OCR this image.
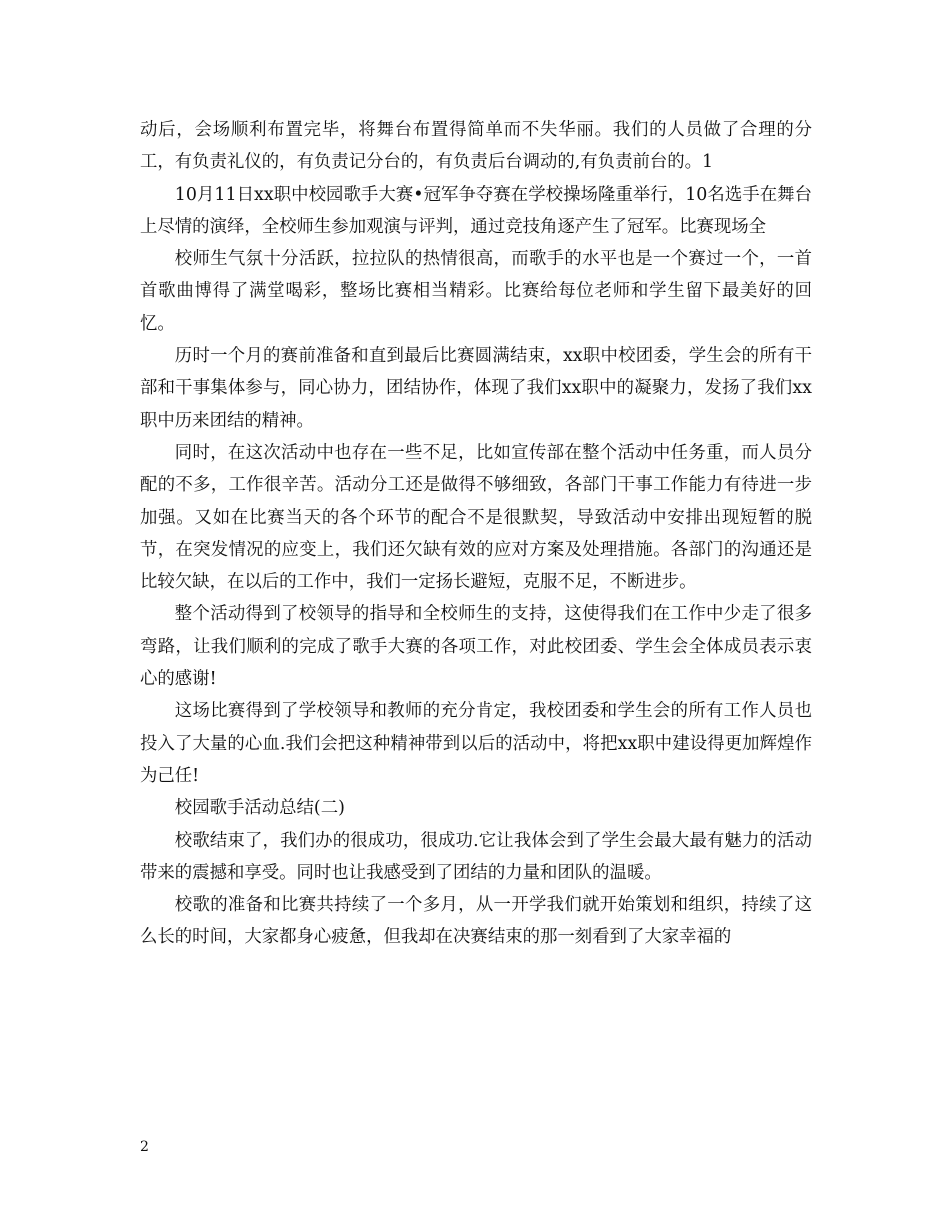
动后，会场顺利布置完毕，将舞台布置得简单而不失华丽。我们的人员做了合理的分工，有负责礼仪的，有负责记分台的，有负责后台调动的,有负责前台的。1

10月11日xx职中校园歌手大赛•冠军争夺赛在学校操场隆重举行，10名选手在舞台上尽情的演绎，全校师生参加观演与评判，通过竞技角逐产生了冠军。比赛现场全

校师生气氛十分活跃，拉拉队的热情很高，而歌手的水平也是一个赛过一个，一首首歌曲博得了满堂喝彩，整场比赛相当精彩。比赛给每位老师和学生留下最美好的回忆。

历时一个月的赛前准备和直到最后比赛圆满结束，xx职中校团委，学生会的所有干部和干事集体参与，同心协力，团结协作，体现了我们xx职中的凝聚力，发扬了我们xx职中历来团结的精神。

同时，在这次活动中也存在一些不足，比如宣传部在整个活动中任务重，而人员分配的不多，工作很辛苦。活动分工还是做得不够细致，各部门干事工作能力有待进一步加强。又如在比赛当天的各个环节的配合不是很默契，导致活动中安排出现短暂的脱节，在突发情况的应变上，我们还欠缺有效的应对方案及处理措施。各部门的沟通还是比较欠缺，在以后的工作中，我们一定扬长避短，克服不足，不断进步。

整个活动得到了校领导的指导和全校师生的支持，这使得我们在工作中少走了很多弯路，让我们顺利的完成了歌手大赛的各项工作，对此校团委、学生会全体成员表示衷心的感谢!

这场比赛得到了学校领导和教师的充分肯定，我校团委和学生会的所有工作人员也投入了大量的心血.我们会把这种精神带到以后的活动中，将把xx职中建设得更加辉煌作为己任!

校园歌手活动总结(二)

校歌结束了，我们办的很成功，很成功.它让我体会到了学生会最大最有魅力的活动带来的震撼和享受。同时也让我感受到了团结的力量和团队的温暖。

校歌的准备和比赛共持续了一个多月，从一开学我们就开始策划和组织，持续了这么长的时间，大家都身心疲惫，但我却在决赛结束的那一刻看到了大家幸福的

2
